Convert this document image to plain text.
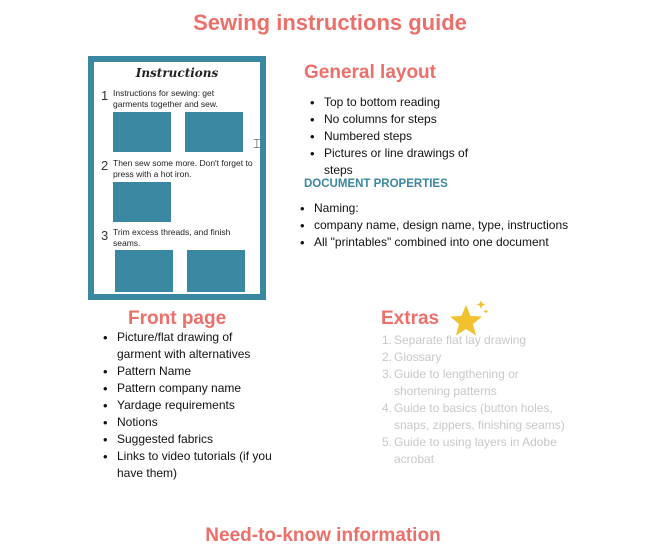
Sewing instructions guide
Instructions
1 Instructions for sewing: get garments together and sew.
⌶
2 Then sew some more. Don't forget to press with a hot iron.
3 Trim excess threads, and finish seams.
General layout
• Top to bottom reading
• No columns for steps
• Numbered steps
• Pictures or line drawings of steps
DOCUMENT PROPERTIES
• Naming:
• company name, design name, type, instructions
• All "printables" combined into one document
Front page
• Picture/flat drawing of garment with alternatives
• Pattern Name
• Pattern company name
• Yardage requirements
• Notions
• Suggested fabrics
• Links to video tutorials (if you have them)
Extras
1. Separate flat lay drawing
2. Glossary
3. Guide to lengthening or shortening patterns
4. Guide to basics (button holes, snaps, zippers, finishing seams)
5. Guide to using layers in Adobe acrobat
Need-to-know information
